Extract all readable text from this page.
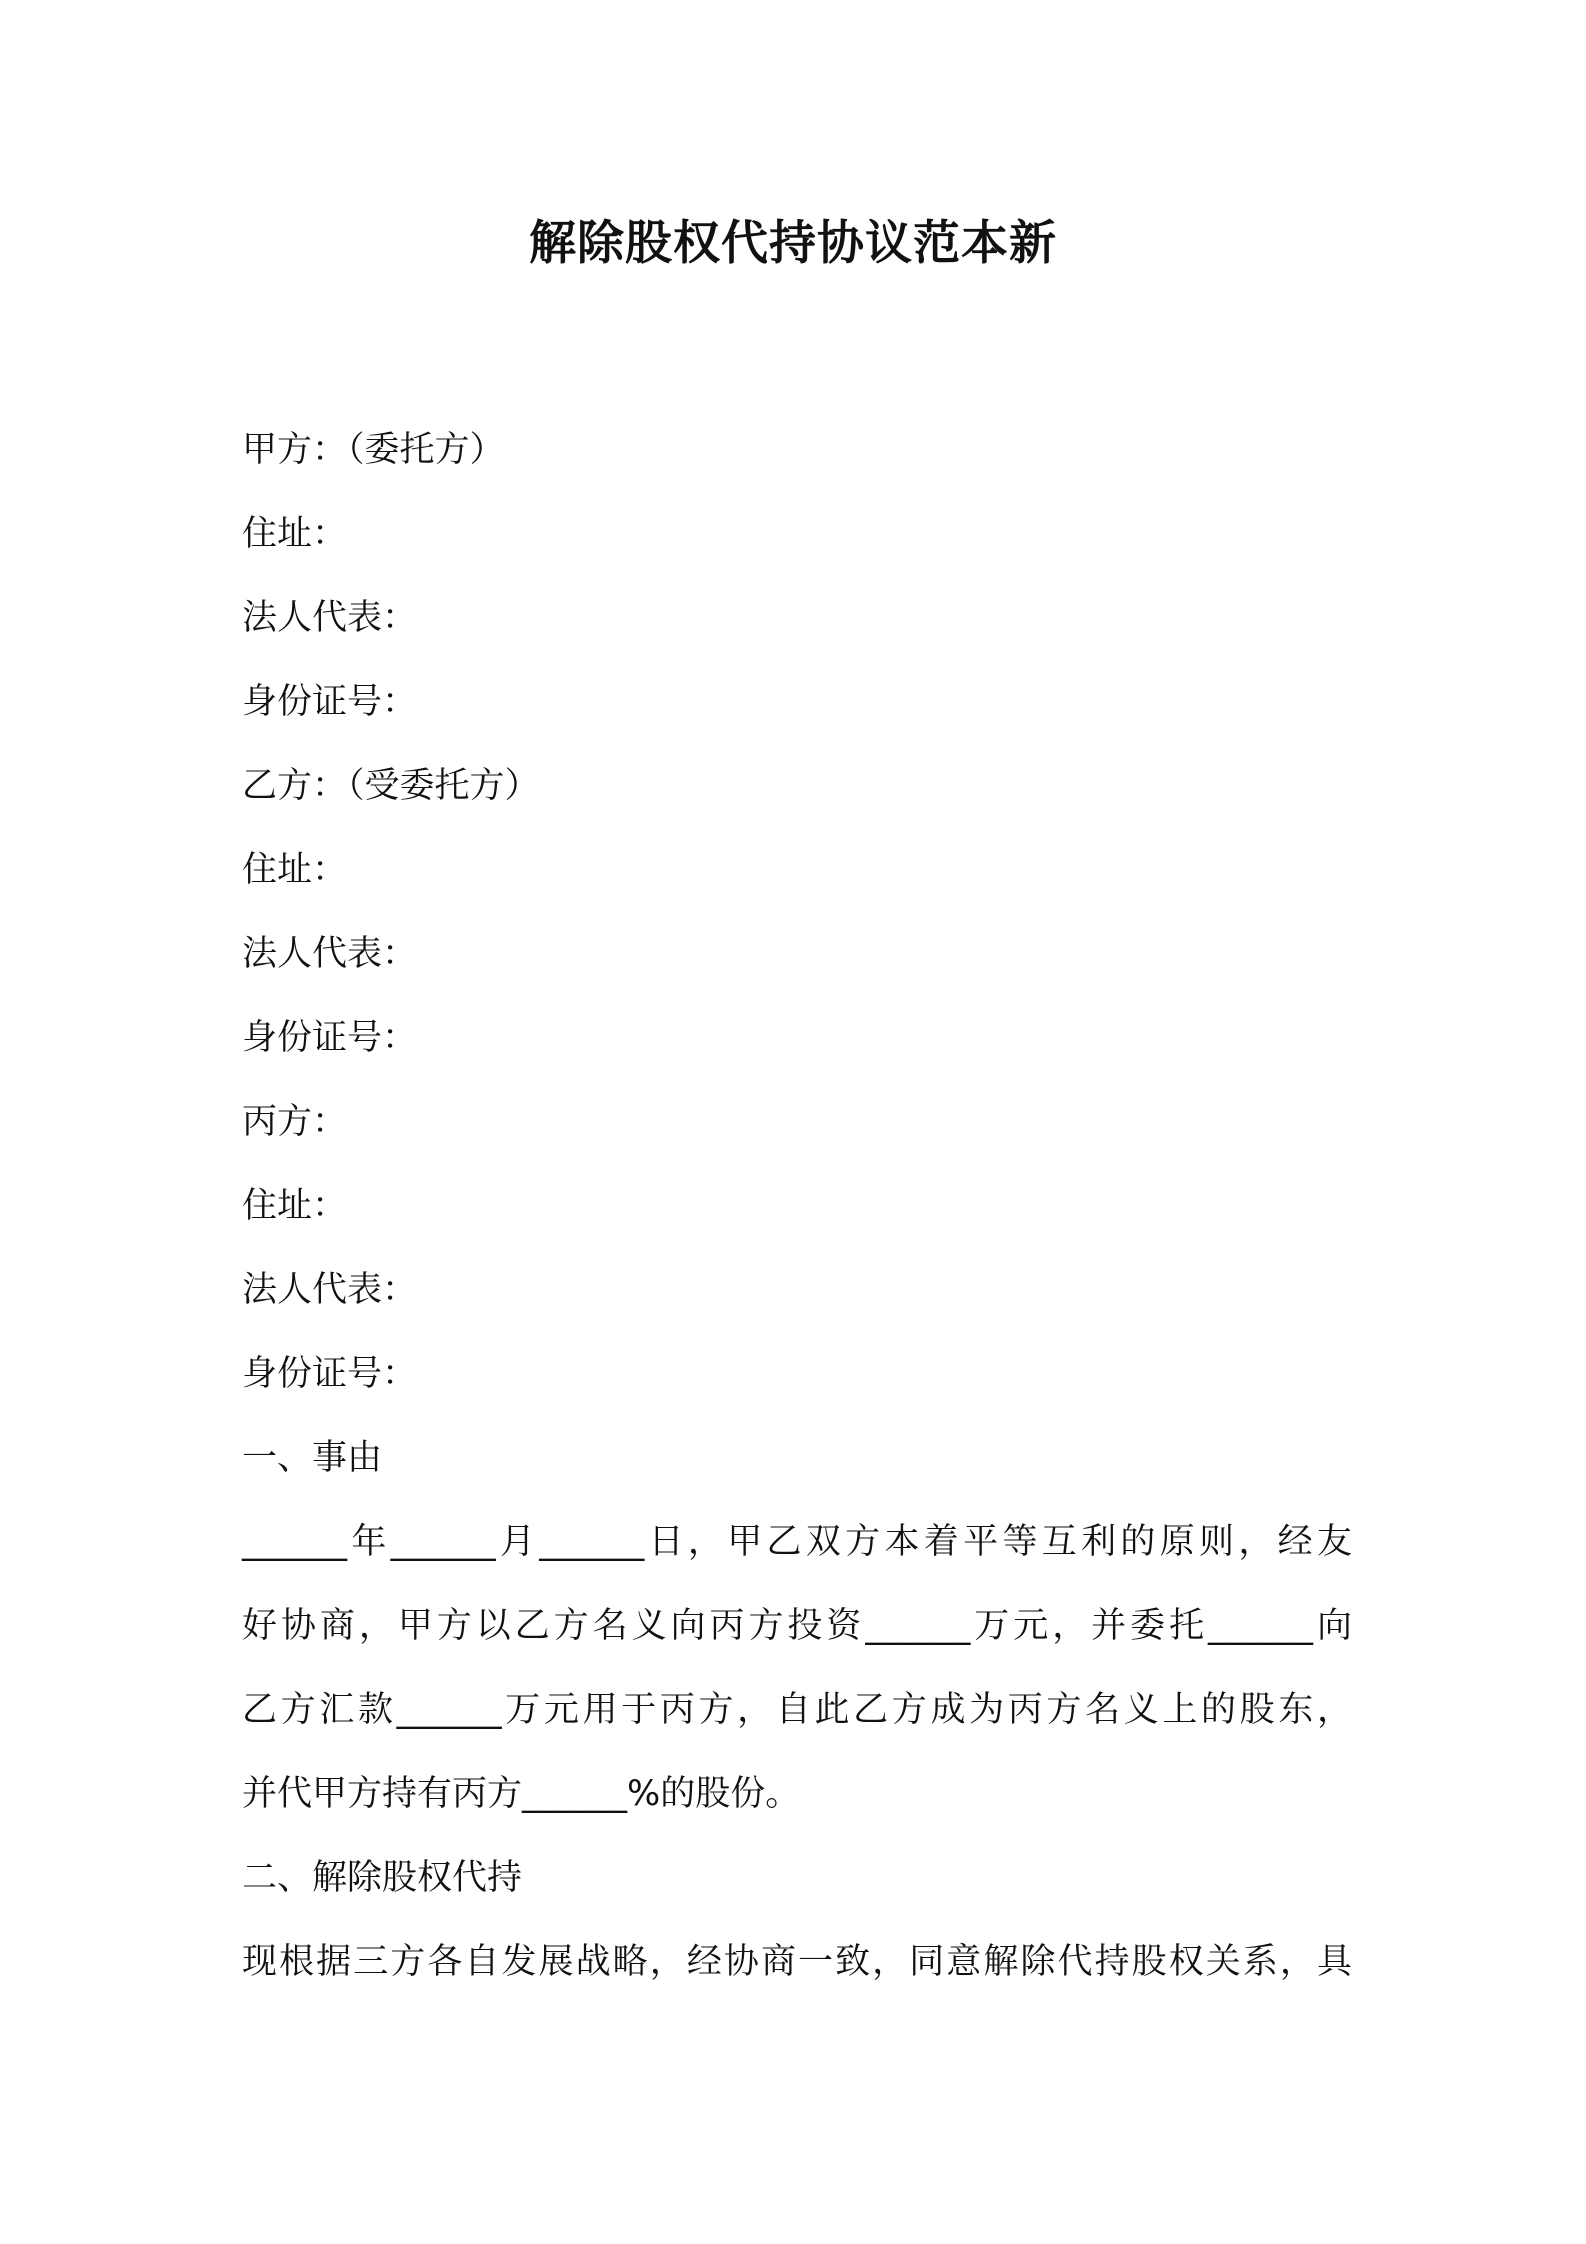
解除股权代持协议范本新
甲方：（委托方）
住址：
法人代表：
身份证号：
乙方：（受委托方）
住址：
法人代表：
身份证号：
丙方：
住址：
法人代表：
身份证号：
一、事由
______年______月______日，甲乙双方本着平等互利的原则，经友
好协商，甲方以乙方名义向丙方投资______万元，并委托______向
乙方汇款______万元用于丙方，自此乙方成为丙方名义上的股东，
并代甲方持有丙方______%的股份。
二、解除股权代持
现根据三方各自发展战略，经协商一致，同意解除代持股权关系，具
